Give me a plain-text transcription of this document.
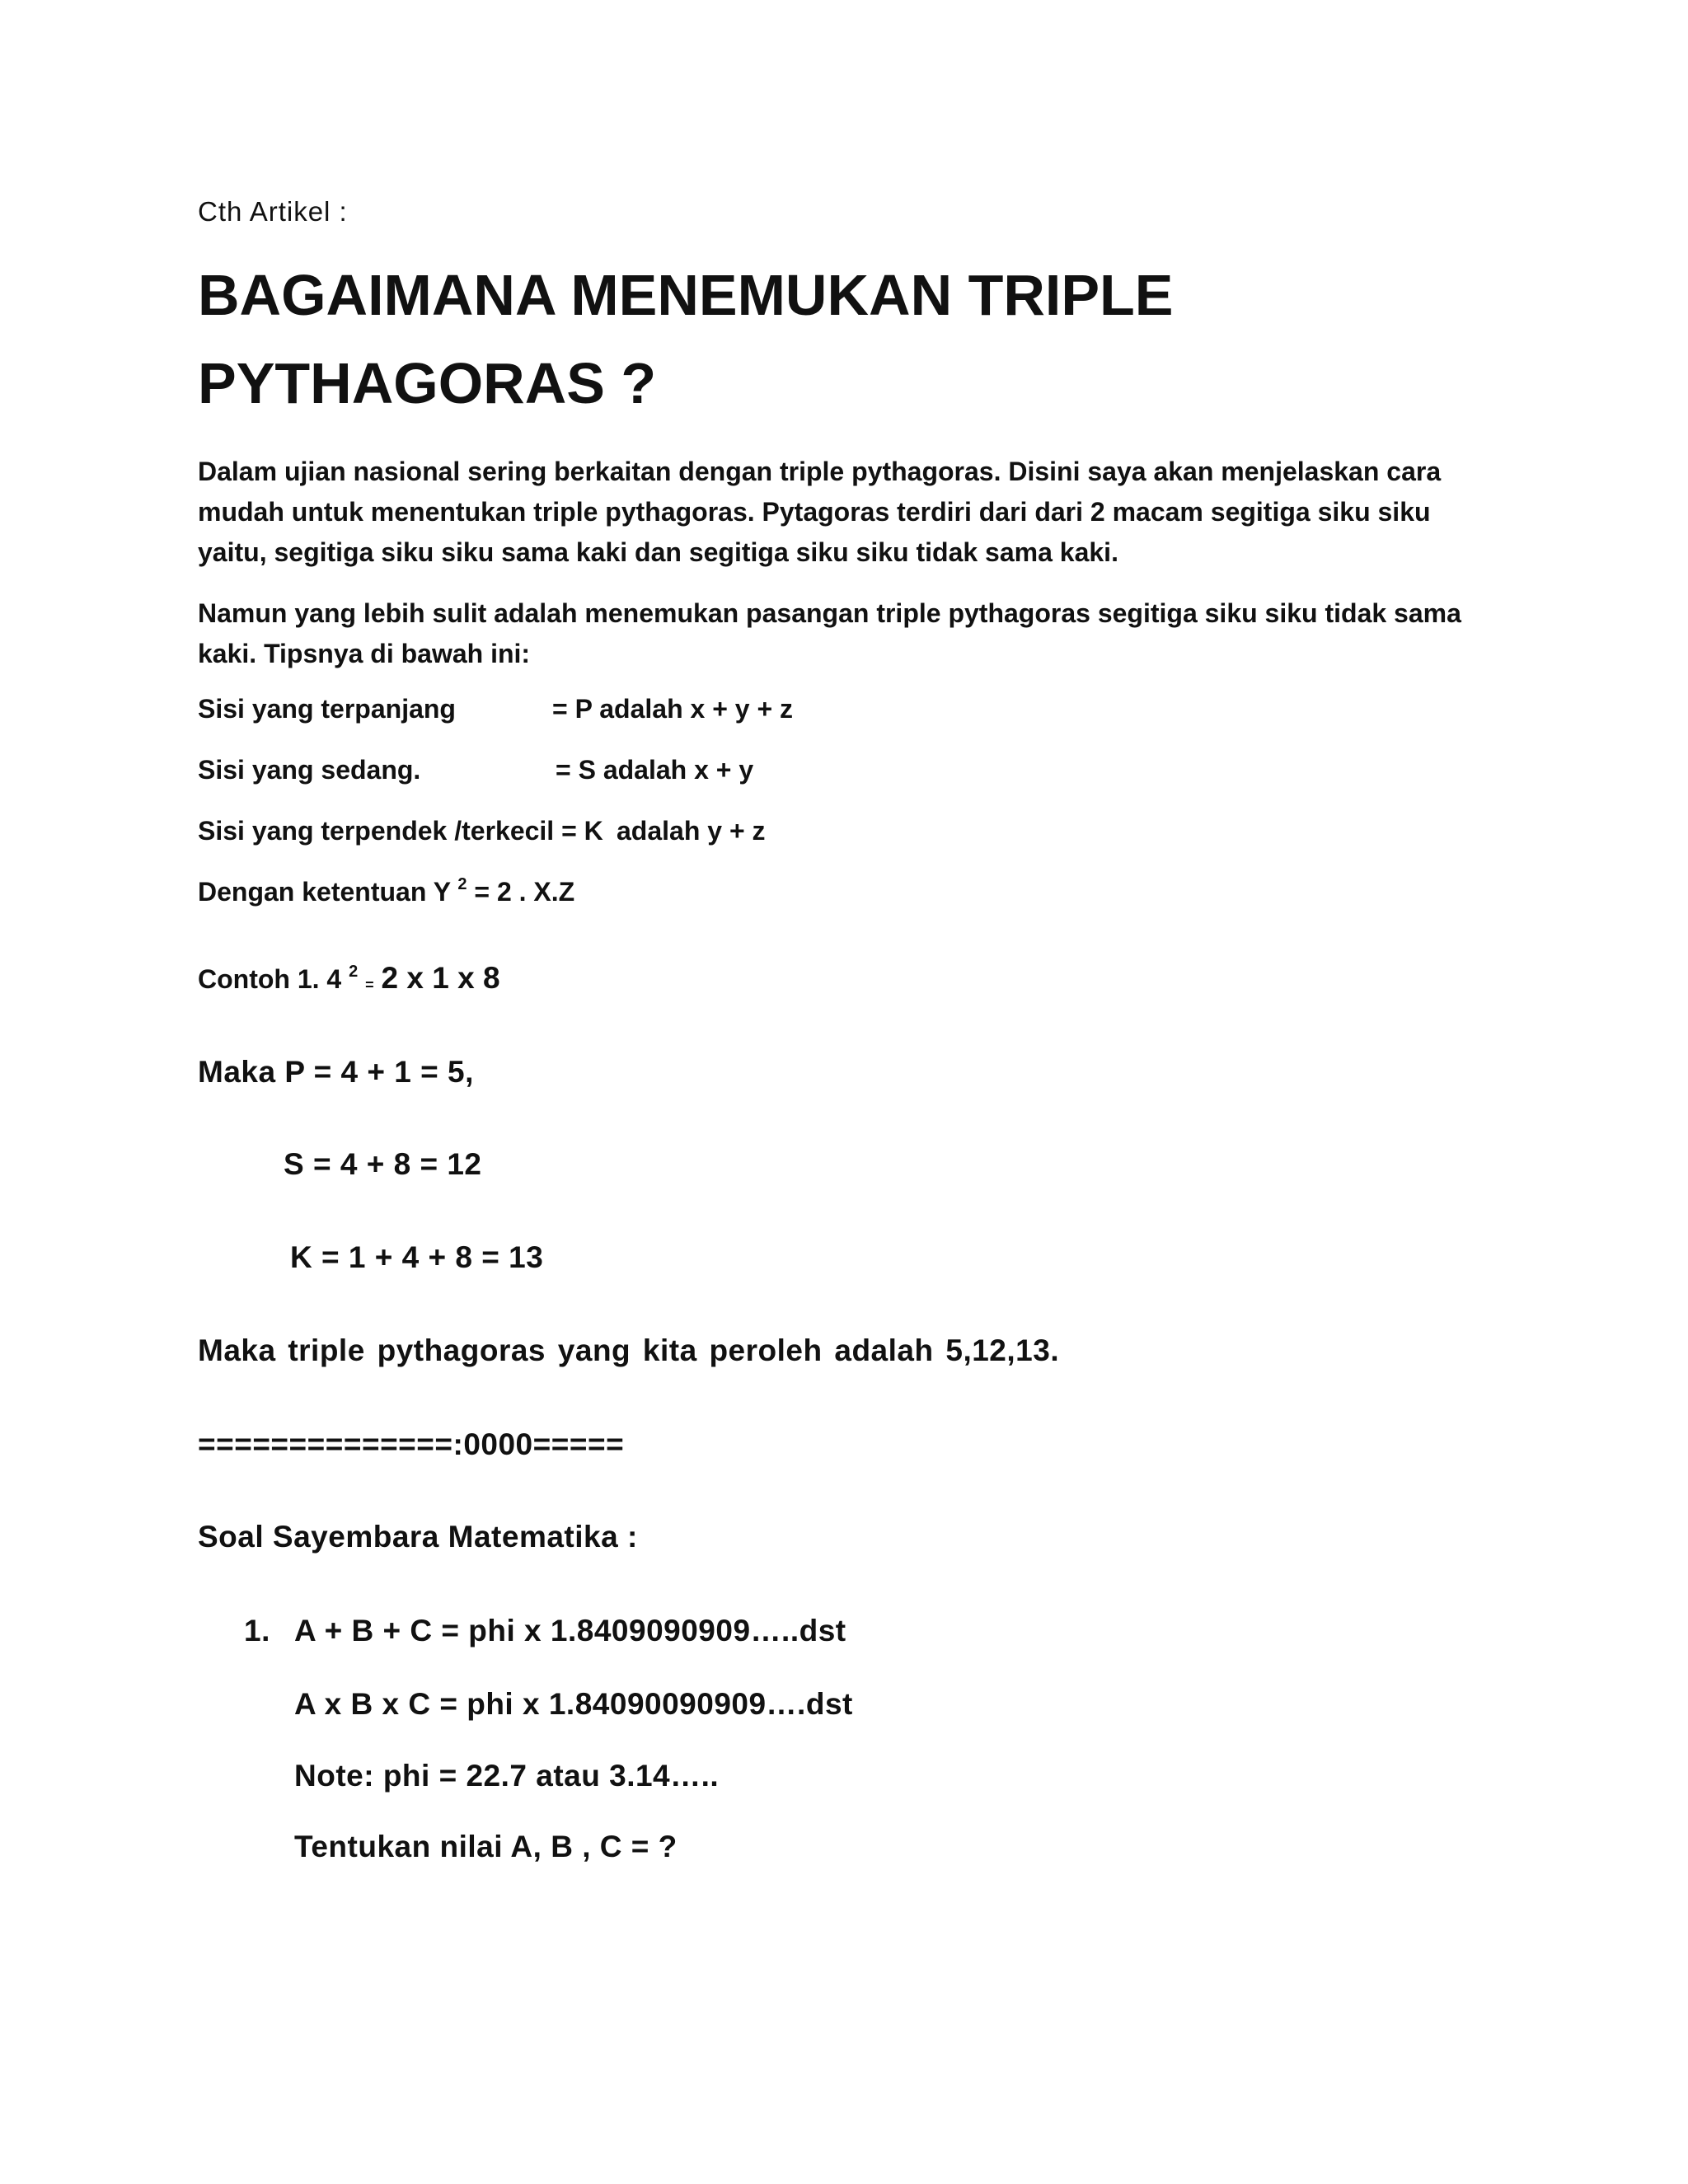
Cth Artikel :
BAGAIMANA MENEMUKAN TRIPLE
PYTHAGORAS ?
Dalam ujian nasional sering berkaitan dengan triple pythagoras. Disini saya akan menjelaskan cara mudah untuk menentukan triple pythagoras. Pytagoras terdiri dari dari 2 macam segitiga siku siku yaitu, segitiga siku siku sama kaki dan segitiga siku siku tidak sama kaki.
Namun yang lebih sulit adalah menemukan pasangan triple pythagoras segitiga siku siku tidak sama kaki. Tipsnya di bawah ini:
Sisi yang terpanjang	= P adalah x + y + z
Sisi yang sedang.	= S adalah x + y
Sisi yang terpendek /terkecil = K adalah y + z
Dengan ketentuan Y $^2$ = 2 . X.Z
Contoh 1. 4 $^2$ = 2 x 1 x 8
Maka P = 4 + 1 = 5,
S = 4 + 8 = 12
K = 1 + 4 + 8 = 13
Maka triple pythagoras yang kita peroleh adalah 5,12,13.
==============:0000=====
Soal Sayembara Matematika :
1. A + B + C = phi x 1.8409090909…..dst
A x B x C = phi x 1.84090090909….dst
Note: phi = 22.7 atau 3.14…..
Tentukan nilai A, B , C = ?
